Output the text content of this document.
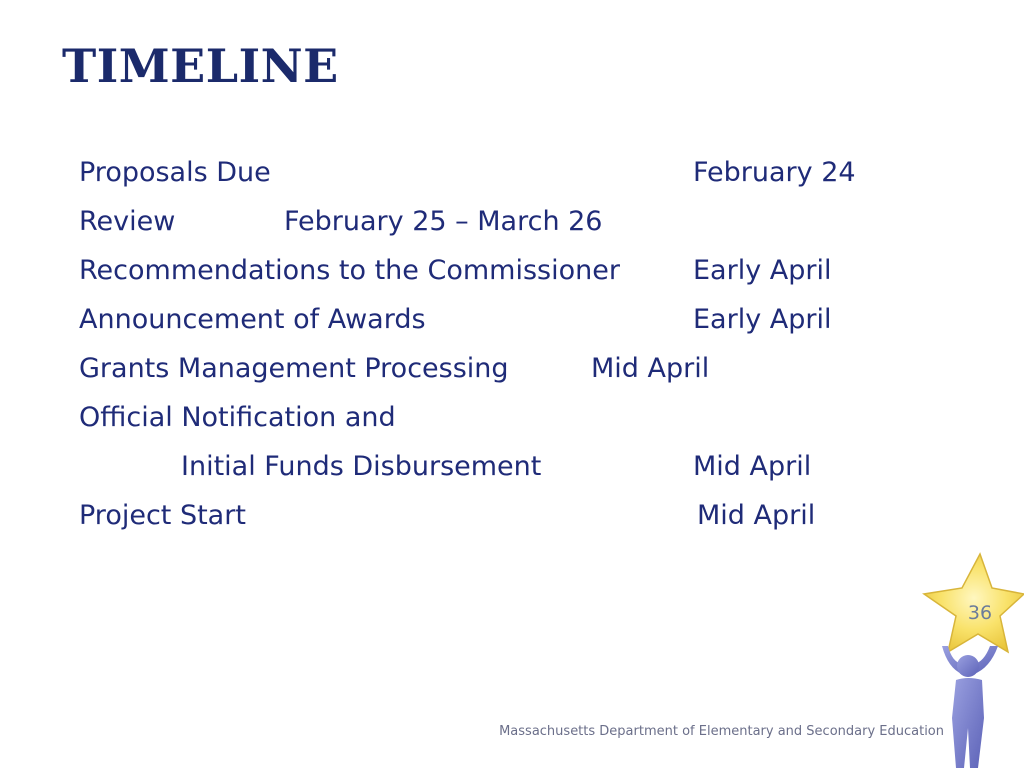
TIMELINE
Proposals Due	February 24
Review	February 25 – March 26
Recommendations to the Commissioner	Early April
Announcement of Awards	Early April
Grants Management Processing	Mid April
Official Notification and
Initial Funds Disbursement	Mid April
Project Start	Mid April
Massachusetts Department of Elementary and Secondary Education
36
